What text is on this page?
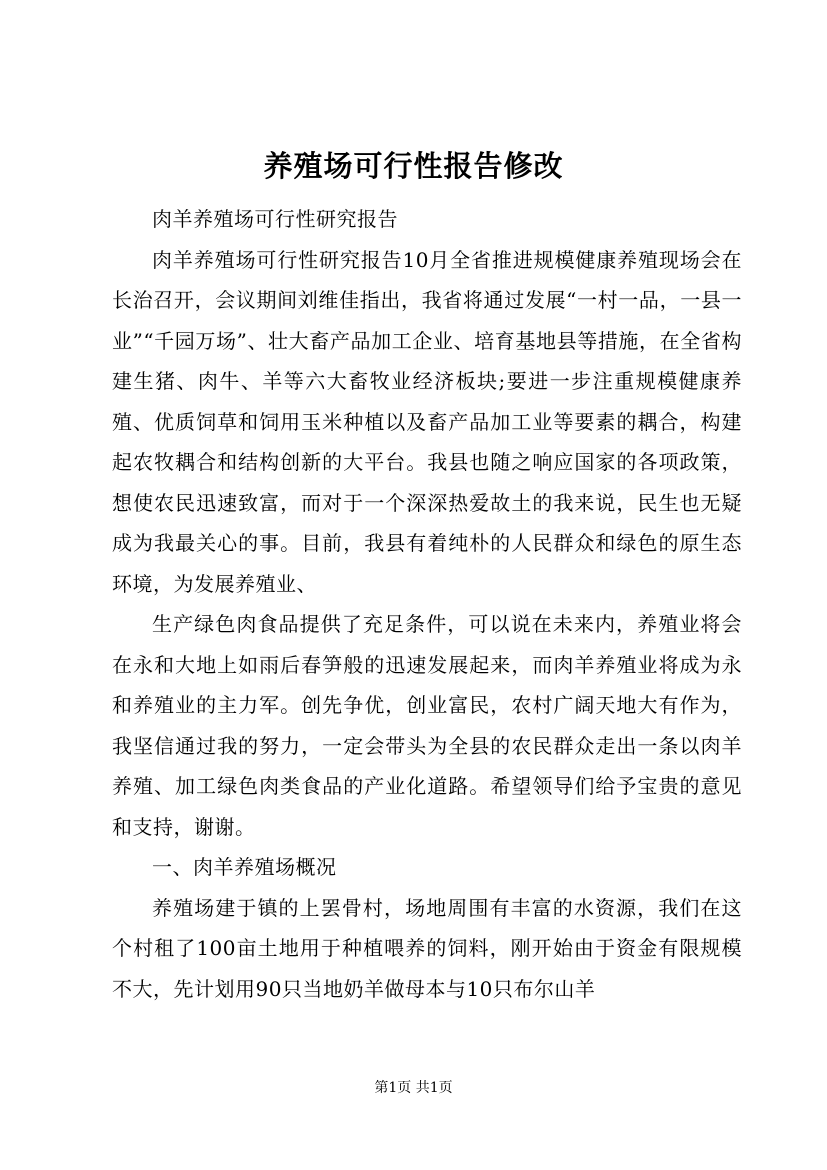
养殖场可行性报告修改

肉羊养殖场可行性研究报告

肉羊养殖场可行性研究报告10月全省推进规模健康养殖现场会在长治召开，会议期间刘维佳指出，我省将通过发展“一村一品，一县一业”“千园万场”、壮大畜产品加工企业、培育基地县等措施，在全省构建生猪、肉牛、羊等六大畜牧业经济板块;要进一步注重规模健康养殖、优质饲草和饲用玉米种植以及畜产品加工业等要素的耦合，构建起农牧耦合和结构创新的大平台。我县也随之响应国家的各项政策，想使农民迅速致富，而对于一个深深热爱故土的我来说，民生也无疑成为我最关心的事。目前，我县有着纯朴的人民群众和绿色的原生态环境，为发展养殖业、

生产绿色肉食品提供了充足条件，可以说在未来内，养殖业将会在永和大地上如雨后春笋般的迅速发展起来，而肉羊养殖业将成为永和养殖业的主力军。创先争优，创业富民，农村广阔天地大有作为，我坚信通过我的努力，一定会带头为全县的农民群众走出一条以肉羊养殖、加工绿色肉类食品的产业化道路。希望领导们给予宝贵的意见和支持，谢谢。

一、肉羊养殖场概况

养殖场建于镇的上罢骨村，场地周围有丰富的水资源，我们在这个村租了100亩土地用于种植喂养的饲料，刚开始由于资金有限规模不大，先计划用90只当地奶羊做母本与10只布尔山羊

第1页 共1页
